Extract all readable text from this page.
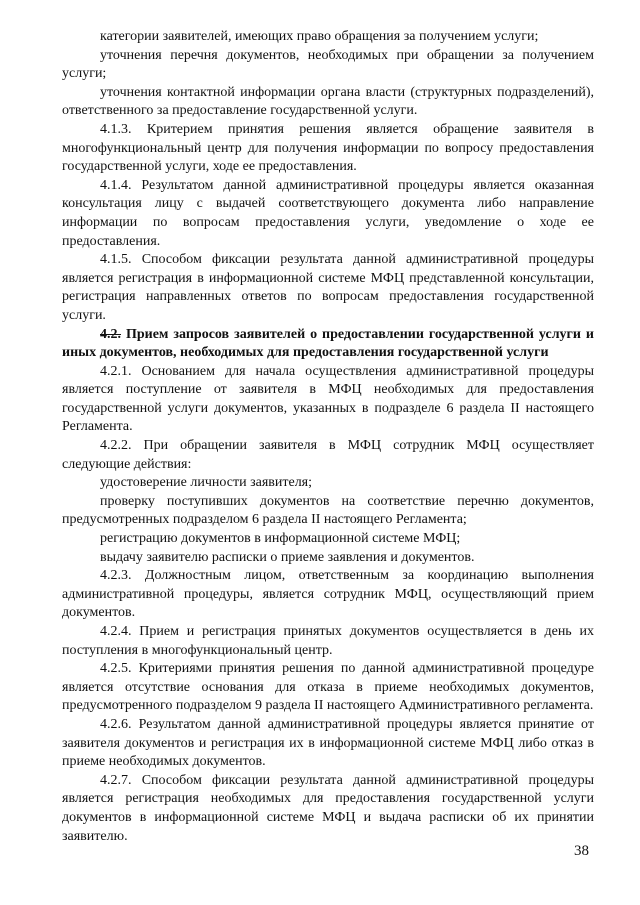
категории заявителей, имеющих право обращения за получением услуги;

уточнения перечня документов, необходимых при обращении за получением услуги;

уточнения контактной информации органа власти (структурных подразделений), ответственного за предоставление государственной услуги.

4.1.3. Критерием принятия решения является обращение заявителя в многофункциональный центр для получения информации по вопросу предоставления государственной услуги, ходе ее предоставления.

4.1.4. Результатом данной административной процедуры является оказанная консультация лицу с выдачей соответствующего документа либо направление информации по вопросам предоставления услуги, уведомление о ходе ее предоставления.

4.1.5. Способом фиксации результата данной административной процедуры является регистрация в информационной системе МФЦ представленной консультации, регистрация направленных ответов по вопросам предоставления государственной услуги.

4.2. Прием запросов заявителей о предоставлении государственной услуги и иных документов, необходимых для предоставления государственной услуги

4.2.1. Основанием для начала осуществления административной процедуры является поступление от заявителя в МФЦ необходимых для предоставления государственной услуги документов, указанных в подразделе 6 раздела II настоящего Регламента.

4.2.2. При обращении заявителя в МФЦ сотрудник МФЦ осуществляет следующие действия:

удостоверение личности заявителя;

проверку поступивших документов на соответствие перечню документов, предусмотренных подразделом 6 раздела II настоящего Регламента;

регистрацию документов в информационной системе МФЦ;

выдачу заявителю расписки о приеме заявления и документов.

4.2.3. Должностным лицом, ответственным за координацию выполнения административной процедуры, является сотрудник МФЦ, осуществляющий прием документов.

4.2.4. Прием и регистрация принятых документов осуществляется в день их поступления в многофункциональный центр.

4.2.5. Критериями принятия решения по данной административной процедуре является отсутствие основания для отказа в приеме необходимых документов, предусмотренного подразделом 9 раздела II настоящего Административного регламента.

4.2.6. Результатом данной административной процедуры является принятие от заявителя документов и регистрация их в информационной системе МФЦ либо отказ в приеме необходимых документов.

4.2.7. Способом фиксации результата данной административной процедуры является регистрация необходимых для предоставления государственной услуги документов в информационной системе МФЦ и выдача расписки об их принятии заявителю.

38
